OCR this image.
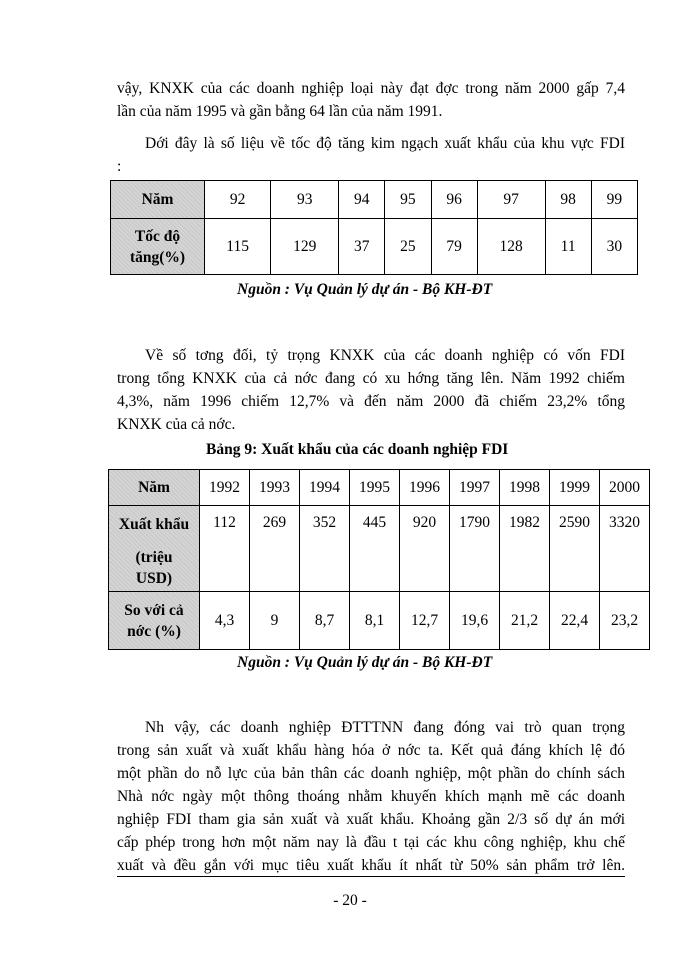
vậy, KNXK của các doanh nghiệp loại này đạt đợc trong năm 2000 gấp 7,4
lần của năm 1995 và gần bằng 64 lần của năm 1991.
Dới đây là số liệu về tốc độ tăng kim ngạch xuất khẩu của khu vực FDI
:
Năm	92	93	94	95	96	97	98	99
Tốc độ tăng(%)	115	129	37	25	79	128	11	30
Nguồn : Vụ Quản lý dự án - Bộ KH-ĐT
Về số tơng đối, tỷ trọng KNXK của các doanh nghiệp có vốn FDI
trong tổng KNXK của cả nớc đang có xu hớng tăng lên. Năm 1992 chiếm
4,3%, năm 1996 chiếm 12,7% và đến năm 2000 đã chiếm 23,2% tổng
KNXK của cả nớc.
Bảng 9: Xuất khẩu của các doanh nghiệp FDI
Năm	1992	1993	1994	1995	1996	1997	1998	1999	2000

Xuất khẩu
(triệu USD)	112	269	352	445	920	1790	1982	2590	3320
So với cả nớc (%)	4,3	9	8,7	8,1	12,7	19,6	21,2	22,4	23,2
Nguồn : Vụ Quản lý dự án - Bộ KH-ĐT
Nh vậy, các doanh nghiệp ĐTTTNN đang đóng vai trò quan trọng
trong sản xuất và xuất khẩu hàng hóa ở nớc ta. Kết quả đáng khích lệ đó
một phần do nỗ lực của bản thân các doanh nghiệp, một phần do chính sách
Nhà nớc ngày một thông thoáng nhằm khuyến khích mạnh mẽ các doanh
nghiệp FDI tham gia sản xuất và xuất khẩu. Khoảng gần 2/3 số dự án mới
cấp phép trong hơn một năm nay là đầu t tại các khu công nghiệp, khu chế
xuất và đều gắn với mục tiêu xuất khẩu ít nhất từ 50% sản phẩm trở lên.
- 20 -
